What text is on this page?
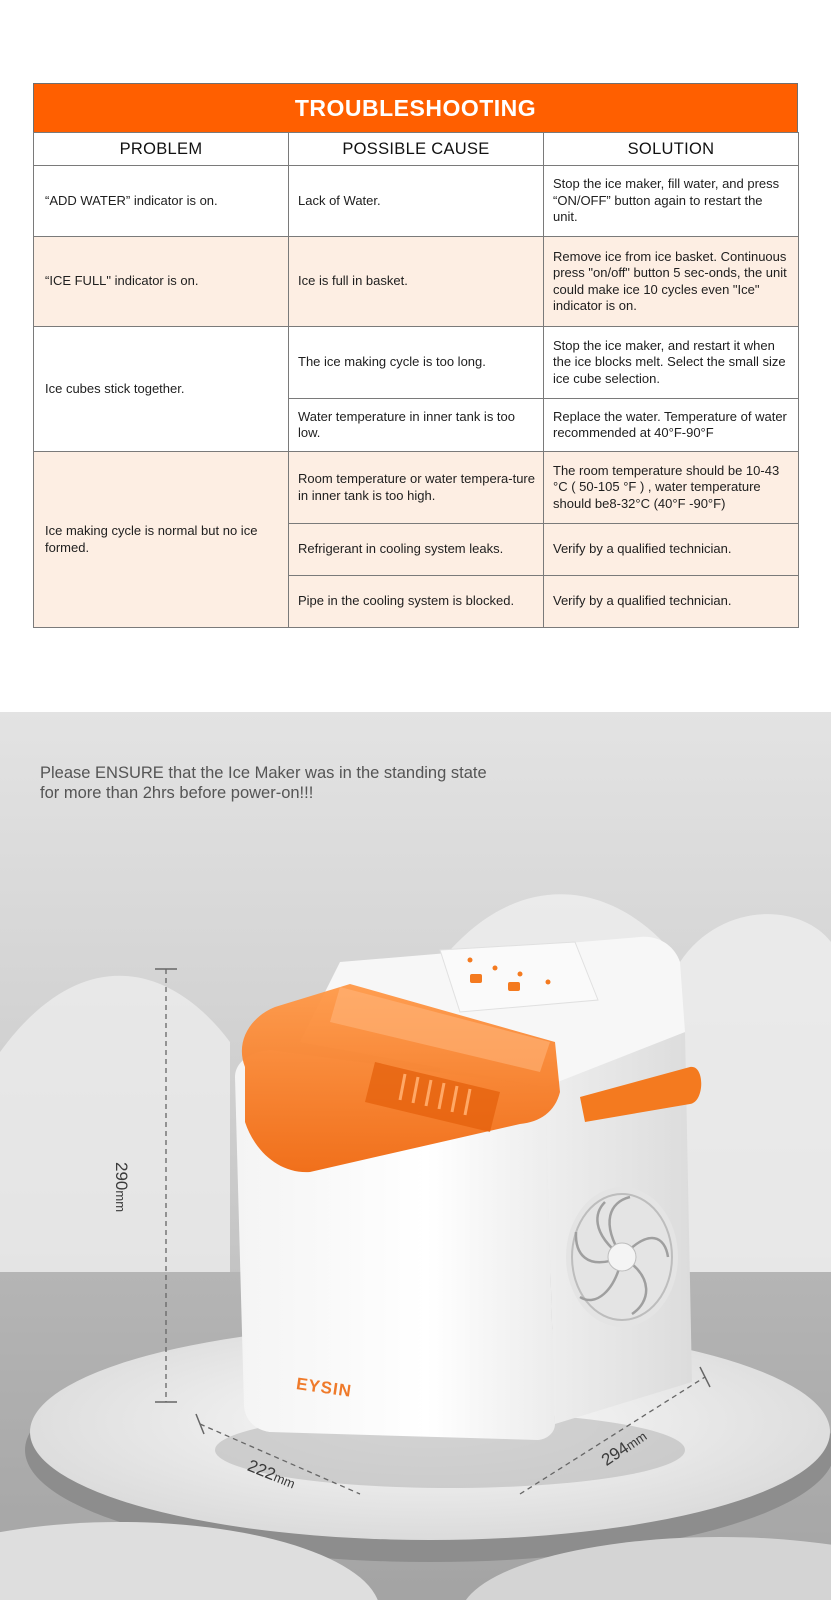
TROUBLESHOOTING
PROBLEM	POSSIBLE CAUSE	SOLUTION
“ADD WATER” indicator is on.	Lack of Water.	Stop the ice maker, fill water, and press “ON/OFF” button again to restart the unit.
“ICE FULL" indicator is on.	Ice is full in basket.	Remove ice from ice basket. Continuous press "on/off" button 5 sec-onds, the unit could make ice 10 cycles even "Ice" indicator is on.
Ice cubes stick together.	The ice making cycle is too long.	Stop the ice maker, and restart it when the ice blocks melt. Select the small size ice cube selection.
	Water temperature in inner tank is too low.	Replace the water. Temperature of water recommended at 40°F-90°F
Ice making cycle is normal but no ice formed.	Room temperature or water tempera-ture in inner tank is too high.	The room temperature should be 10-43 °C ( 50-105 °F ) , water temperature should be8-32°C (40°F -90°F)
	Refrigerant in cooling system leaks.	Verify by a qualified technician.
	Pipe in the cooling system is blocked.	Verify by a qualified technician.
Please ENSURE that the Ice Maker was in the standing state
for more than 2hrs before power-on!!!
290mm
222mm
294mm
EYSIN
